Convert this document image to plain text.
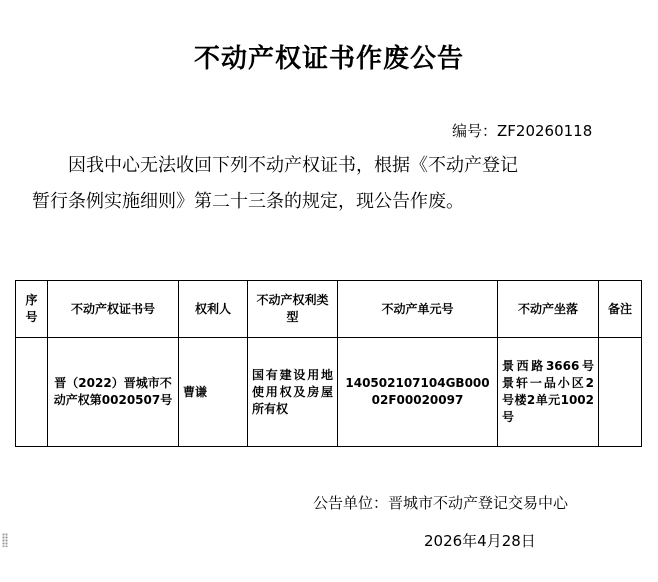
不动产权证书作废公告
编号：ZF20260118
因我中心无法收回下列不动产权证书，根据《不动产登记
暂行条例实施细则》第二十三条的规定，现公告作废。
序号	不动产权证书号	权利人	不动产权利类型	不动产单元号	不动产坐落	备注
	晋（2022）晋城市不动产权第0020507号	曹谦	国有建设用地使用权及房屋所有权	140502107104GB00002F00020097	景西路3666号景轩一品小区2号楼2单元1002号	
公告单位：晋城市不动产登记交易中心
2026年4月28日
